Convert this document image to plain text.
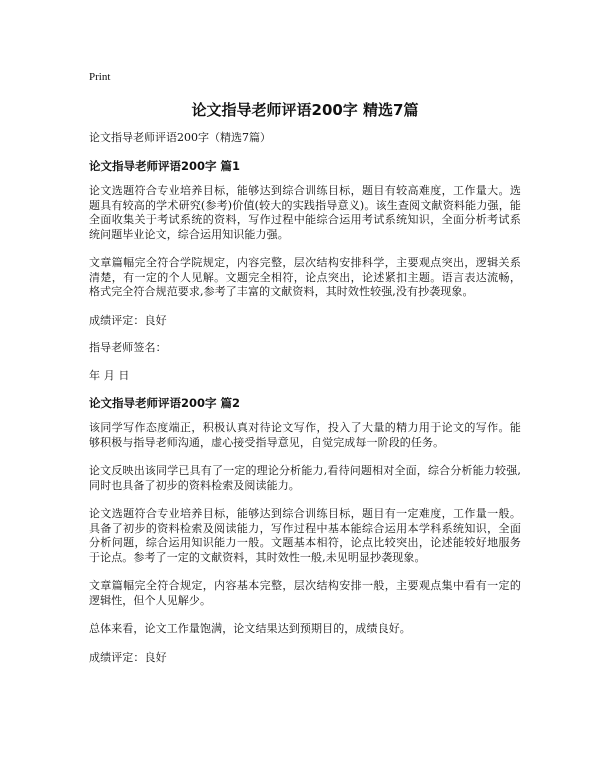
Print
论文指导老师评语200字 精选7篇
论文指导老师评语200字（精选7篇）
论文指导老师评语200字 篇1

论文选题符合专业培养目标，能够达到综合训练目标，题目有较高难度，工作量大。选题具有较高的学术研究(参考)价值(较大的实践指导意义)。该生查阅文献资料能力强，能全面收集关于考试系统的资料，写作过程中能综合运用考试系统知识，全面分析考试系统问题毕业论文，综合运用知识能力强。

文章篇幅完全符合学院规定，内容完整，层次结构安排科学，主要观点突出，逻辑关系清楚，有一定的个人见解。文题完全相符，论点突出，论述紧扣主题。语言表达流畅，格式完全符合规范要求,参考了丰富的文献资料，其时效性较强,没有抄袭现象。

成绩评定：良好

指导老师签名：

年 月 日

论文指导老师评语200字 篇2

该同学写作态度端正，积极认真对待论文写作，投入了大量的精力用于论文的写作。能够积极与指导老师沟通，虚心接受指导意见，自觉完成每一阶段的任务。

论文反映出该同学已具有了一定的理论分析能力,看待问题相对全面，综合分析能力较强,同时也具备了初步的资料检索及阅读能力。

论文选题符合专业培养目标，能够达到综合训练目标，题目有一定难度，工作量一般。具备了初步的资料检索及阅读能力，写作过程中基本能综合运用本学科系统知识，全面分析问题，综合运用知识能力一般。文题基本相符，论点比较突出，论述能较好地服务于论点。参考了一定的文献资料，其时效性一般,未见明显抄袭现象。

文章篇幅完全符合规定，内容基本完整，层次结构安排一般，主要观点集中看有一定的逻辑性，但个人见解少。

总体来看，论文工作量饱满，论文结果达到预期目的，成绩良好。

成绩评定：良好
